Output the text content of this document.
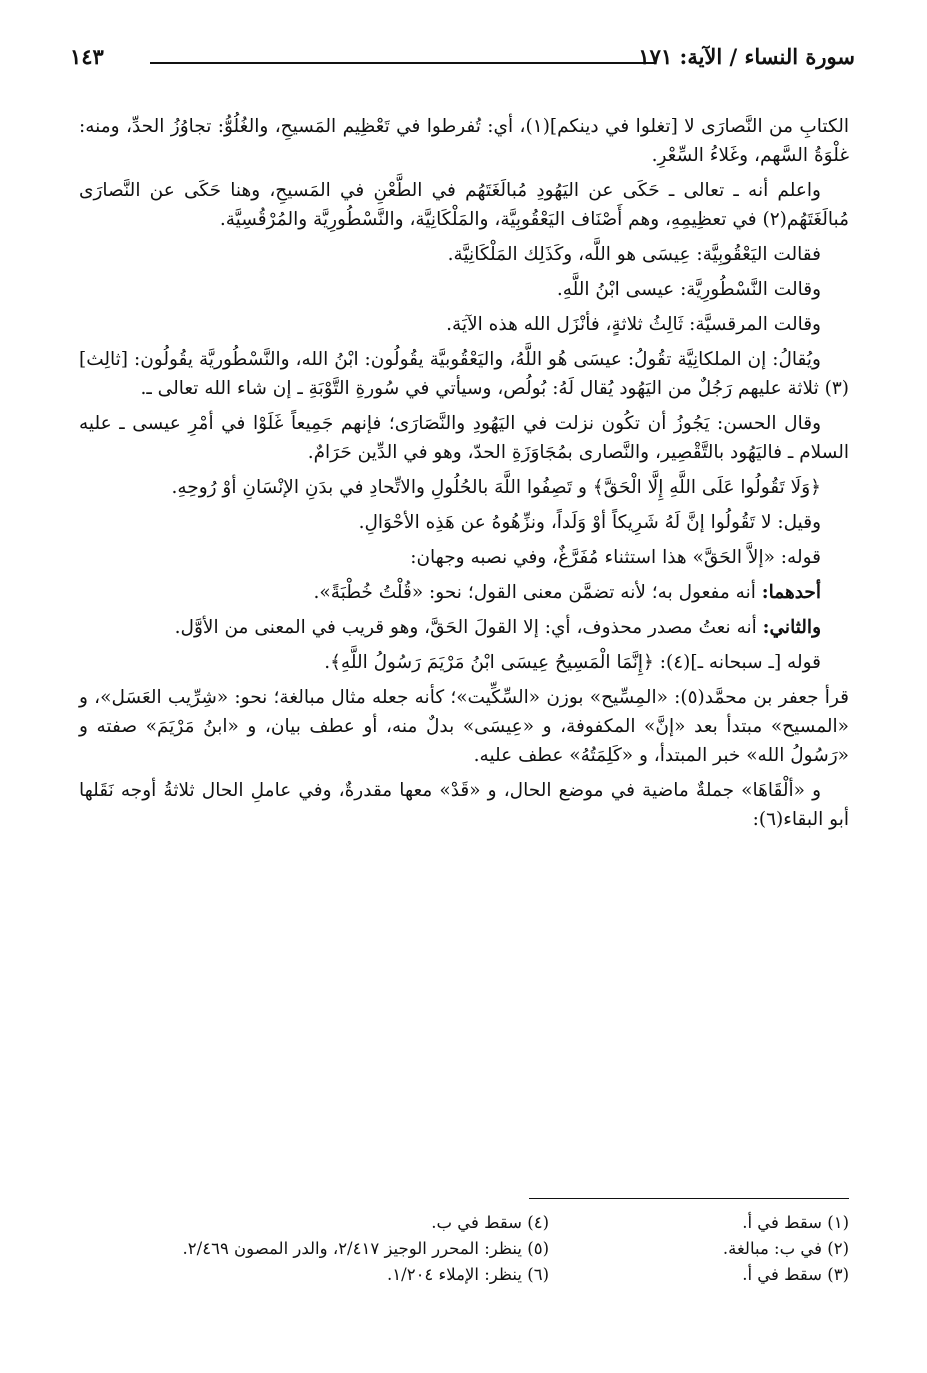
سورة النساء / الآية: ١٧١
١٤٣

الكتابِ من النَّصارَى لا [تغلوا في دينكم](١)، أي: تُفرطوا في تَعْظِيم المَسيحِ، والغُلُوُّ: تجاوُزُ الحدِّ، ومنه: غلْوَةُ السَّهم، وغَلاءُ السِّعْرِ.

واعلم أنه ـ تعالى ـ حَكَى عن اليَهُودِ مُبالَغَتَهُم في الطَّعْنِ في المَسيحِ، وهنا حَكَى عن النَّصارَى مُبالَغَتَهُم(٢) في تعظِيمِهِ، وهم أَصْنَاف اليَعْقُوبِيَّة، والمَلْكَانِيَّة، والنَّسْطُورِيَّة والمُرْقُسِيَّة.

فقالت اليَعْقُوبِيَّة: عِيسَى هو اللَّه، وكَذَلِك المَلْكَانِيَّة.

وقالت النَّسْطُورِيَّة: عيسى ابْنُ اللَّهِ.

وقالت المرقسيَّة: ثَالِثُ ثلاثةٍ، فأنْزَل الله هذه الآيَة.

ويُقالُ: إن الملكانِيَّة تقُولُ: عيسَى هُو اللَّهُ، واليَعْقُوبيَّة يقُولُون: ابْنُ الله، والنَّسْطُوريَّة يقُولُون: [ثالِث](٣) ثلاثة عليهم رَجُلٌ من اليَهُود يُقال لَهُ: بُولُص، وسيأتي في سُورةِ التَّوْبَةِ ـ إن شاء الله تعالى ـ.

وقال الحسن: يَجُوزُ أن تكُون نزلت في اليَهُودِ والنَّصَارَى؛ فإنهم جَمِيعاً غَلَوْا في أمْرِ عيسى ـ عليه السلام ـ فاليَهُود بالتَّقْصِير، والنَّصارى بمُجَاوَزَةِ الحدّ، وهو في الدِّين حَرَامٌ.

﴿وَلَا تَقُولُوا عَلَى اللَّهِ إِلَّا الْحَقَّ﴾ و تَصِفُوا اللَّهَ بالحُلُولِ والاتِّحادِ في بدَنِ الإنْسَانِ أوْ رُوحِهِ.

وقيل: لا تَقُولُوا إنَّ لَهُ شَرِيكاً أوْ وَلَداً، ونزِّهُوهُ عن هَذِه الأحْوَالِ.

قوله: «إلاَّ الحَقَّ» هذا استثناء مُفَرَّغٌ، وفي نصبه وجهان:

أحدهما: أنه مفعول به؛ لأنه تضمَّن معنى القول؛ نحو: «قُلْتُ خُطْبَةً».

والثاني: أنه نعتُ مصدر محذوف، أي: إلا القولَ الحَقَّ، وهو قريب في المعنى من الأوَّل.

قوله [ـ سبحانه ـ](٤): ﴿إِنَّمَا الْمَسِيحُ عِيسَى ابْنُ مَرْيَمَ رَسُولُ اللَّهِ﴾.

قرأ جعفر بن محمَّد(٥): «المِسِّيح» بوزن «السِّكِّيت»؛ كأنه جعله مثال مبالغة؛ نحو: «شِرِّيب العَسَل»، و «المسيح» مبتدأ بعد «إنَّ» المكفوفة، و «عِيسَى» بدلٌ منه، أو عطف بيان، و «ابنُ مَرْيَمَ» صفته و «رَسُولُ الله» خبر المبتدأ، و «كَلِمَتُهُ» عطف عليه.

و «ألْقَاهَا» جملةٌ ماضية في موضع الحال، و «قَدْ» معها مقدرةٌ، وفي عاملِ الحال ثلاثةُ أوجه نَقَلها أبو البقاء(٦):

(١) سقط في أ.
(٤) سقط في ب.
(٢) في ب: مبالغة.
(٥) ينظر: المحرر الوجيز ٢/٤١٧، والدر المصون ٢/٤٦٩.
(٣) سقط في أ.
(٦) ينظر: الإملاء ١/٢٠٤.
